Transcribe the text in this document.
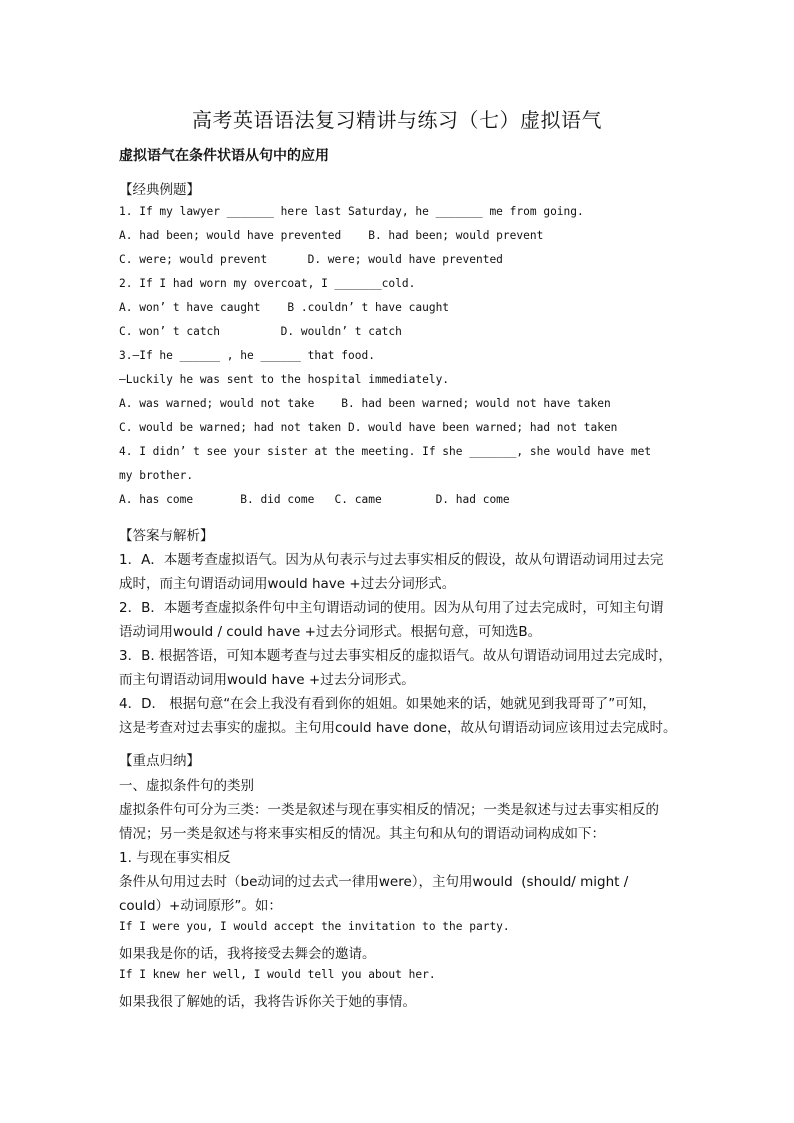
高考英语语法复习精讲与练习（七）虚拟语气
虚拟语气在条件状语从句中的应用
【经典例题】
1. If my lawyer _______ here last Saturday, he _______ me from going.
A. had been; would have prevented    B. had been; would prevent
C. were; would prevent      D. were; would have prevented
2. If I had worn my overcoat, I _______cold.
A. won’ t have caught    B .couldn’ t have caught
C. won’ t catch         D. wouldn’ t catch
3.—If he ______ , he ______ that food.
—Luckily he was sent to the hospital immediately.
A. was warned; would not take    B. had been warned; would not have taken
C. would be warned; had not taken D. would have been warned; had not taken
4. I didn’ t see your sister at the meeting. If she _______, she would have met
my brother.
A. has come       B. did come   C. came        D. had come
【答案与解析】
1．A．本题考查虚拟语气。因为从句表示与过去事实相反的假设，故从句谓语动词用过去完
成时，而主句谓语动词用would have +过去分词形式。
2．B．本题考查虚拟条件句中主句谓语动词的使用。因为从句用了过去完成时，可知主句谓
语动词用would / could have +过去分词形式。根据句意，可知选B。
3．B. 根据答语，可知本题考查与过去事实相反的虚拟语气。故从句谓语动词用过去完成时，
而主句谓语动词用would have +过去分词形式。
4．D． 根据句意“在会上我没有看到你的姐姐。如果她来的话，她就见到我哥哥了”可知，
这是考查对过去事实的虚拟。主句用could have done，故从句谓语动词应该用过去完成时。
【重点归纳】
一、虚拟条件句的类别
虚拟条件句可分为三类：一类是叙述与现在事实相反的情况；一类是叙述与过去事实相反的
情况；另一类是叙述与将来事实相反的情况。其主句和从句的谓语动词构成如下：
1. 与现在事实相反
条件从句用过去时（be动词的过去式一律用were），主句用would  (should/ might /
could）+动词原形”。如：
If I were you, I would accept the invitation to the party.
如果我是你的话，我将接受去舞会的邀请。
If I knew her well, I would tell you about her.
如果我很了解她的话，我将告诉你关于她的事情。
